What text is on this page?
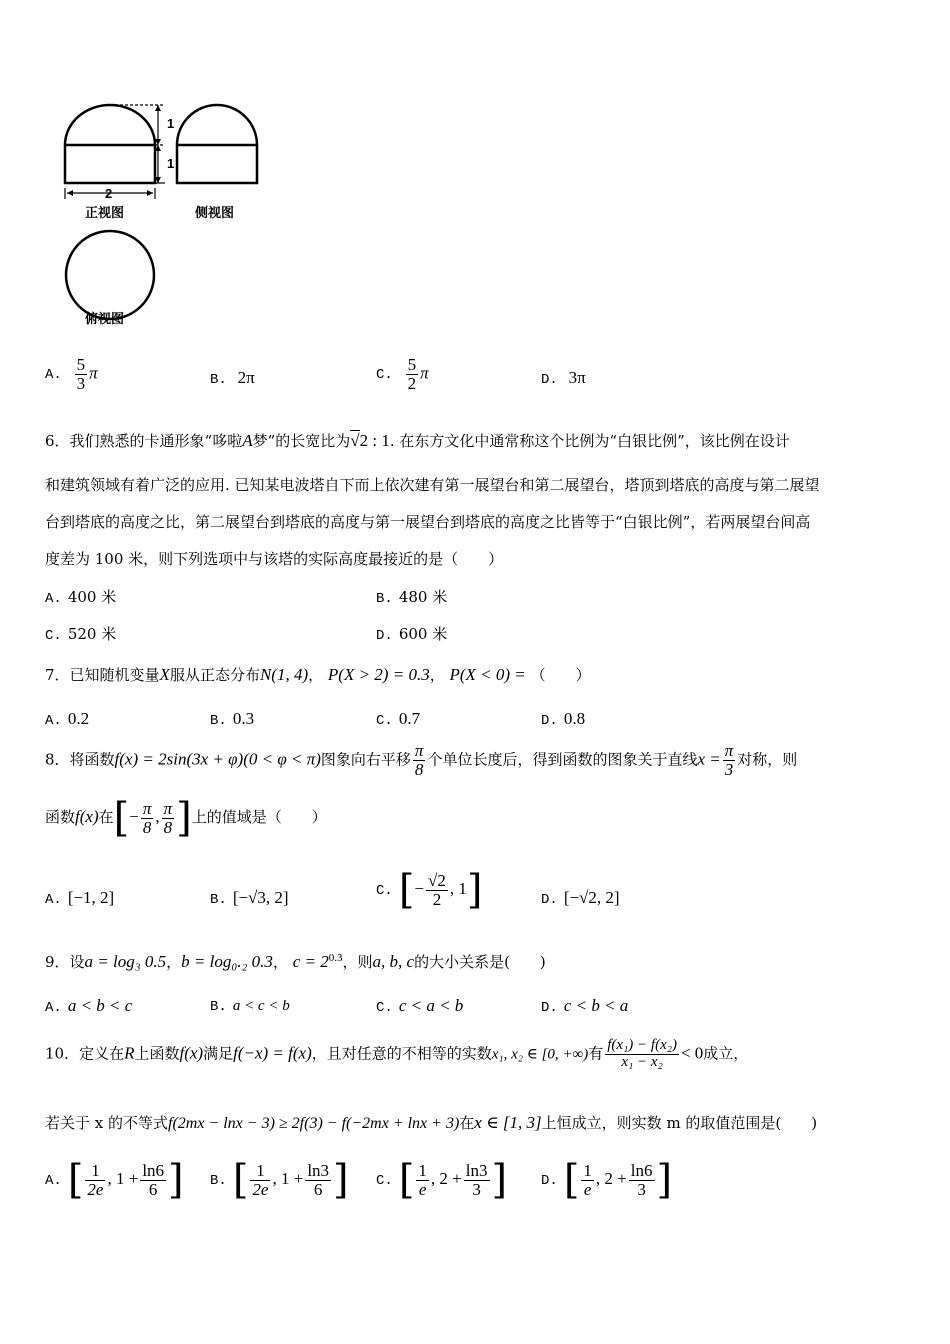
1
1
2
正视图	侧视图
俯视图
A. $\frac{5}{3}$ π	B. 2π	C. $\frac{5}{2}$ π	D. 3π
6．我们熟悉的卡通形象“哆啦A梦”的长宽比为√2 : 1. 在东方文化中通常称这个比例为“白银比例”，该比例在设计
和建筑领域有着广泛的应用. 已知某电波塔自下而上依次建有第一展望台和第二展望台，塔顶到塔底的高度与第二展望
台到塔底的高度之比，第二展望台到塔底的高度与第一展望台到塔底的高度之比皆等于“白银比例”，若两展望台间高
度差为 100 米，则下列选项中与该塔的实际高度最接近的是（　　）
A. 400 米	B. 480 米
C. 520 米	D. 600 米
7．已知随机变量X服从正态分布N(1, 4)， P(X > 2) = 0.3， P(X < 0) = （　　）
A. 0.2	B. 0.3	C. 0.7	D. 0.8
8．将函数f(x) = 2sin(3x + φ)(0 < φ < π)图象向右平移 $\frac{\pi}{8}$ 个单位长度后，得到函数的图象关于直线$x = \frac{\pi}{3}$ 对称，则
函数f(x)在[− $\frac{\pi}{8}$ , $\frac{\pi}{8}$ ]上的值域是（　　）
A. [−1, 2]	B. [−√3, 2]	C. [− $\frac{√2}{2}$ , 1]	D. [−√2, 2]
9．设a = log₃ 0.5，b = log₀.₂ 0.3， $c = 2^{0.3}$，则a, b, c的大小关系是(　　)
A. a < b < c	B. a < c < b	C. c < a < b	D. c < b < a
10．定义在R上函数f(x)满足f(−x) = f(x)，且对任意的不相等的实数x₁, x₂ ∈ [0, +∞)有 $\frac{\text{f(x₁) − f(x₂)}}{\text{x₁ − x₂}} < 0$成立，
若关于 x 的不等式f(2mx − lnx − 3) ≥ 2f(3) − f(−2mx + lnx + 3)在x ∈ [1, 3]上恒成立，则实数 m 的取值范围是(　　)
A. [ $\frac{1}{2e}$ , $1 + \frac{\ln 6}{6}$ ] B. [ $\frac{1}{2e}$ , $1 + \frac{\ln 3}{6}$ ] C. [ $\frac{1}{e}$ , $2 + \frac{\ln 3}{3}$ ] D. [ $\frac{1}{e}$ , $2 + \frac{\ln 6}{3}$ ]
